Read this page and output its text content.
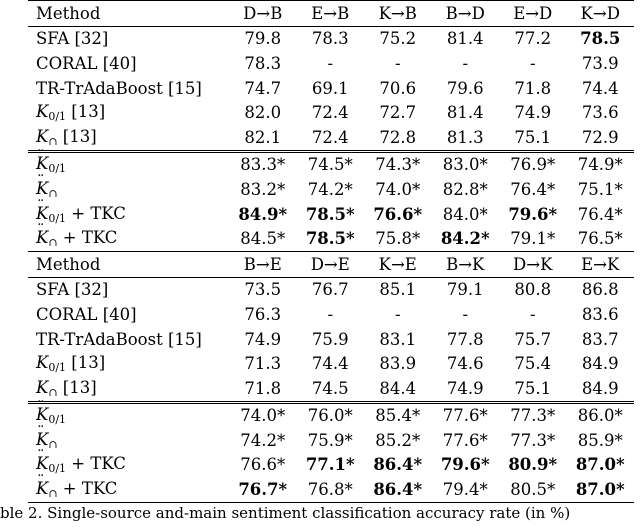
Method	D→B	E→B	K→B	B→D	E→D	K→D
SFA [32]	79.8	78.3	75.2	81.4	77.2	78.5
CORAL [40]	78.3	-	-	-	-	73.9
TR-TrAdaBoost [15]	74.7	69.1	70.6	79.6	71.8	74.4
$K_{0/1}$ [13]	82.0	72.4	72.7	81.4	74.9	73.6
$K_\cap$ [13]	82.1	72.4	72.8	81.3	75.1	72.9
¨ $K_{0/1}$	83.3*	74.5*	74.3*	83.0*	76.9*	74.9*
¨ $K_\cap$	83.2*	74.2*	74.0*	82.8*	76.4*	75.1*
¨ $K_{0/1}$ + TKC	84.9*	78.5*	76.6*	84.0*	79.6*	76.4*
¨ $K_\cap$ + TKC	84.5*	78.5*	75.8*	84.2*	79.1*	76.5*
Method	B→E	D→E	K→E	B→K	D→K	E→K
SFA [32]	73.5	76.7	85.1	79.1	80.8	86.8
CORAL [40]	76.3	-	-	-	-	83.6
TR-TrAdaBoost [15]	74.9	75.9	83.1	77.8	75.7	83.7
$K_{0/1}$ [13]	71.3	74.4	83.9	74.6	75.4	84.9
$K_\cap$ [13]	71.8	74.5	84.4	74.9	75.1	84.9
¨ $K_{0/1}$	74.0*	76.0*	85.4*	77.6*	77.3*	86.0*
¨ $K_\cap$	74.2*	75.9*	85.2*	77.6*	77.3*	85.9*
¨ $K_{0/1}$ + TKC	76.6*	77.1*	86.4*	79.6*	80.9*	87.0*
¨ $K_\cap$ + TKC	76.7*	76.8*	86.4*	79.4*	80.5*	87.0*
ble 2. Single-source and-main sentiment classification accuracy rate (in %)
